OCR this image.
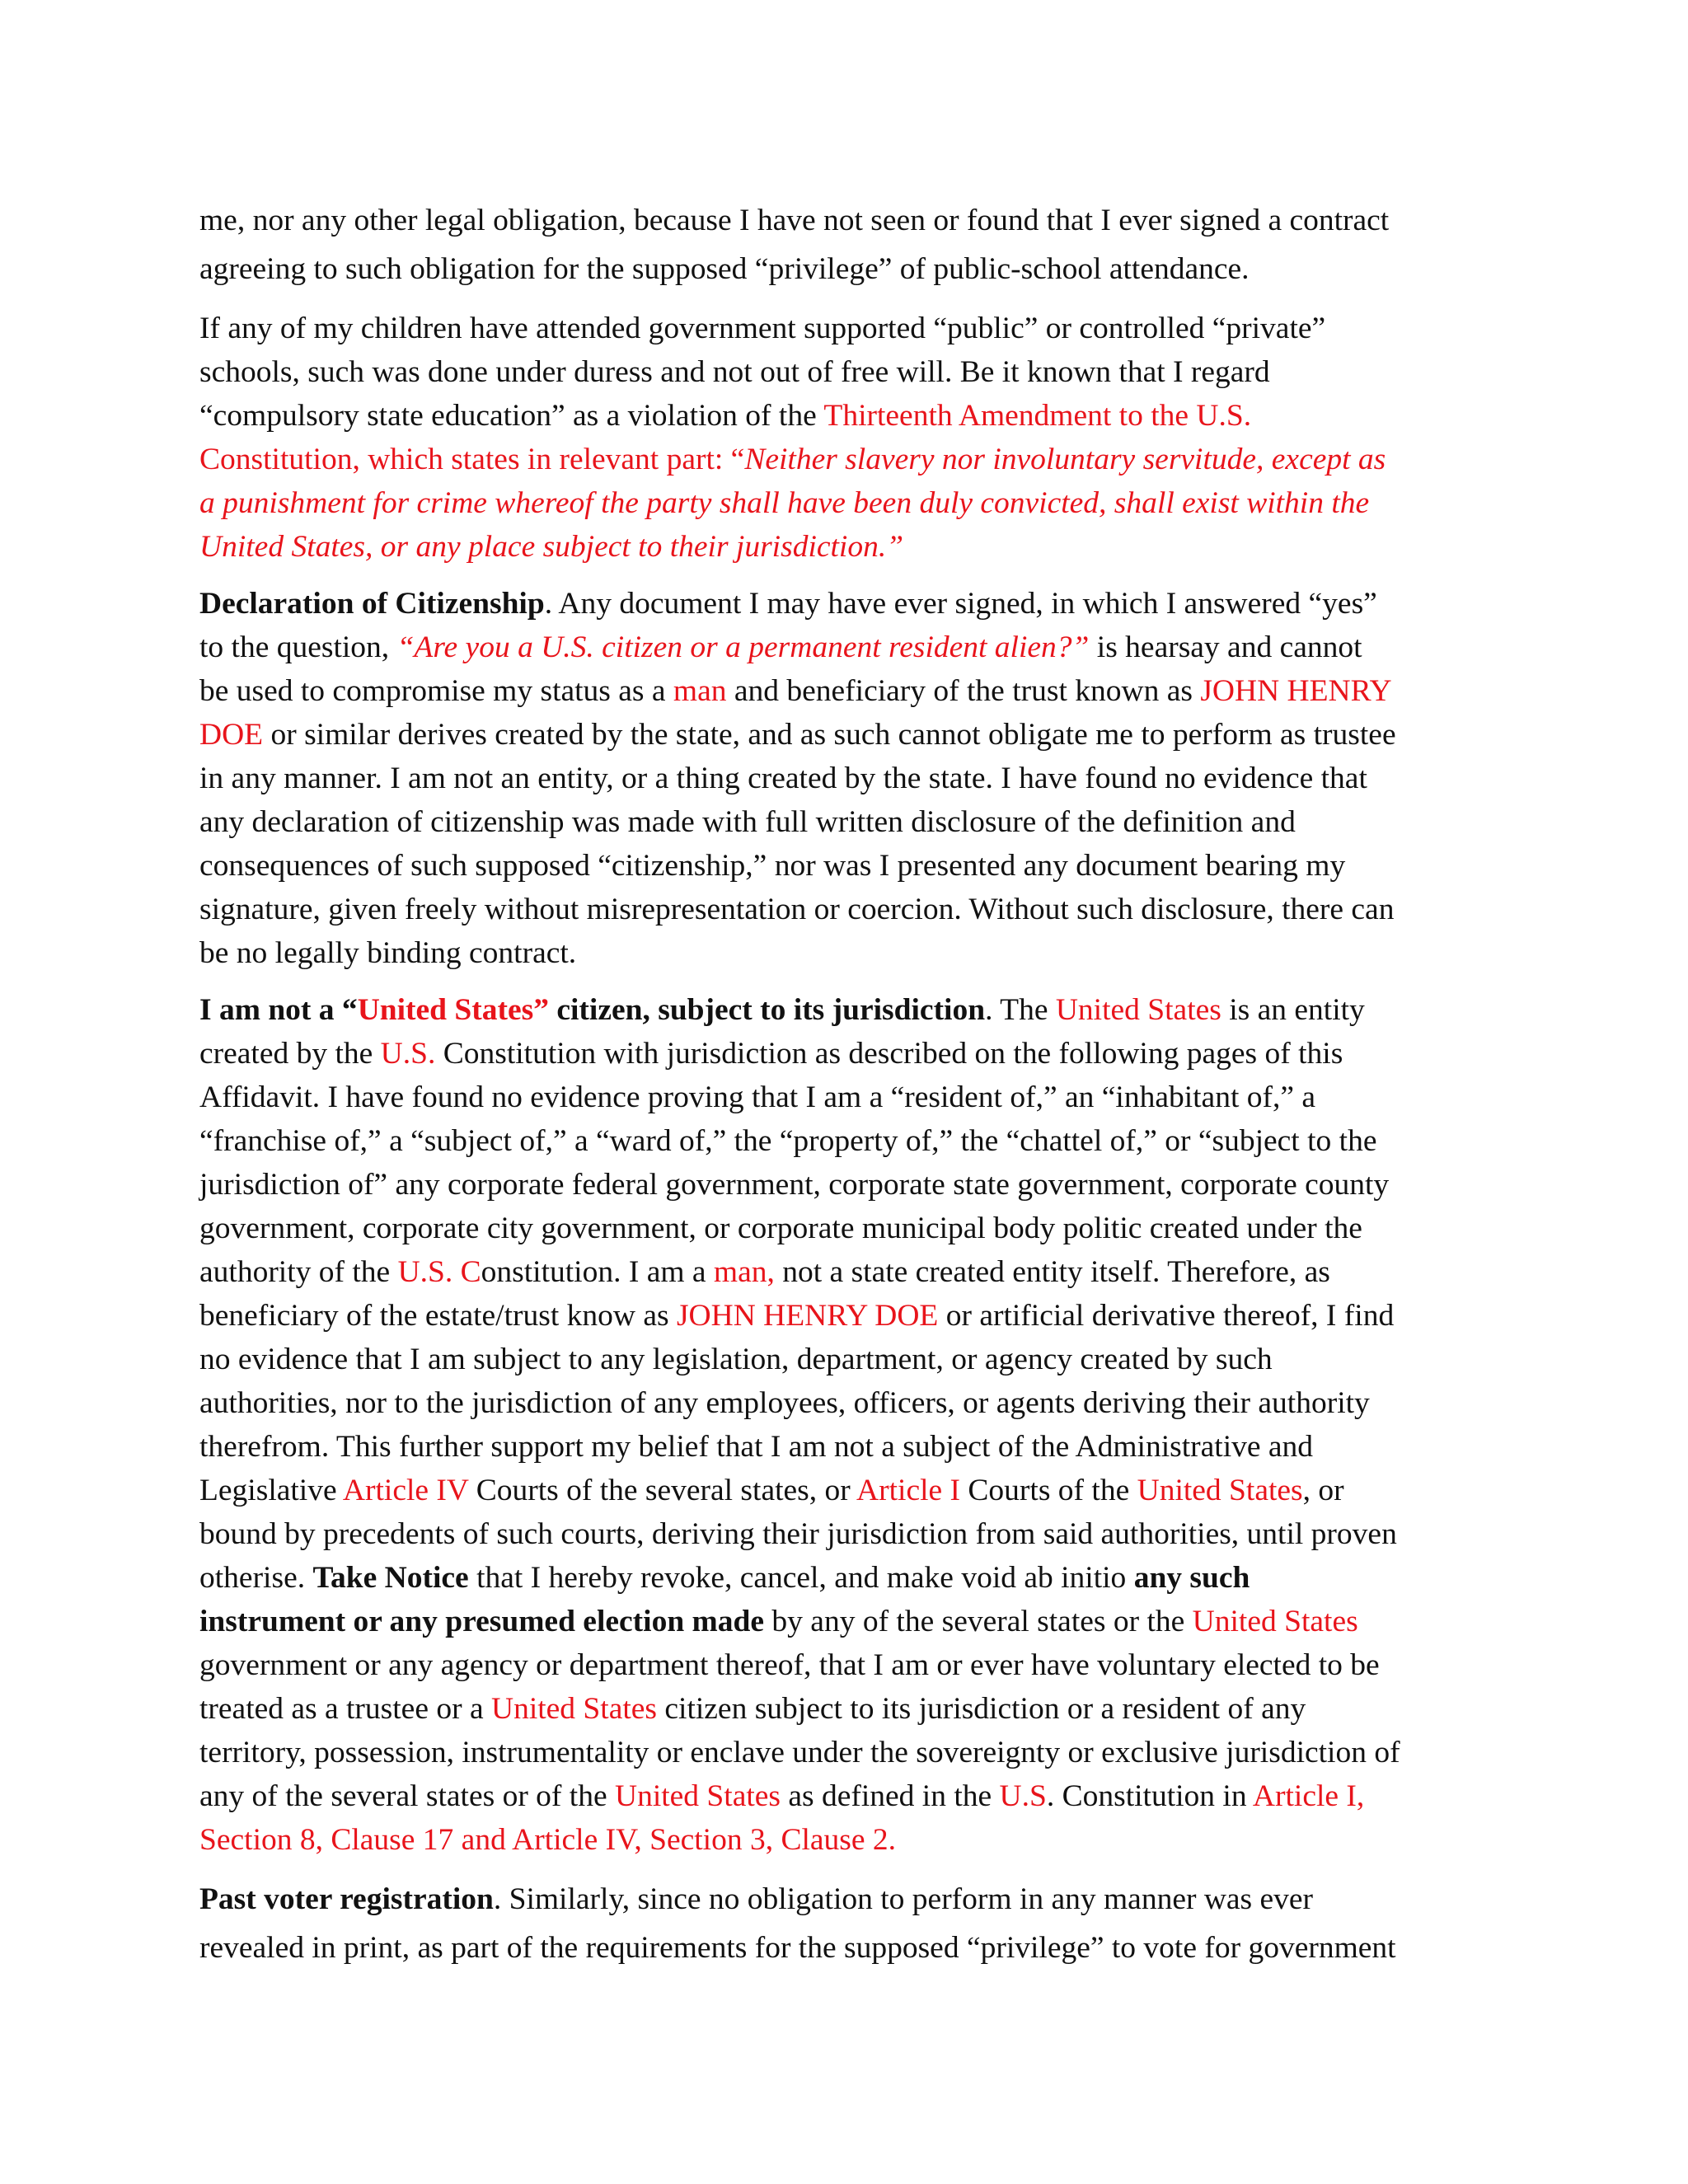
me, nor any other legal obligation, because I have not seen or found that I ever signed a contract
agreeing to such obligation for the supposed “privilege” of public-school attendance.

If any of my children have attended government supported “public” or controlled “private”
schools, such was done under duress and not out of free will. Be it known that I regard
“compulsory state education” as a violation of the Thirteenth Amendment to the U.S.
Constitution, which states in relevant part: “Neither slavery nor involuntary servitude, except as
a punishment for crime whereof the party shall have been duly convicted, shall exist within the
United States, or any place subject to their jurisdiction.”

Declaration of Citizenship. Any document I may have ever signed, in which I answered “yes”
to the question, “Are you a U.S. citizen or a permanent resident alien?” is hearsay and cannot
be used to compromise my status as a man and beneficiary of the trust known as JOHN HENRY
DOE or similar derives created by the state, and as such cannot obligate me to perform as trustee
in any manner. I am not an entity, or a thing created by the state. I have found no evidence that
any declaration of citizenship was made with full written disclosure of the definition and
consequences of such supposed “citizenship,” nor was I presented any document bearing my
signature, given freely without misrepresentation or coercion. Without such disclosure, there can
be no legally binding contract.

I am not a “United States” citizen, subject to its jurisdiction. The United States is an entity
created by the U.S. Constitution with jurisdiction as described on the following pages of this
Affidavit. I have found no evidence proving that I am a “resident of,” an “inhabitant of,” a
“franchise of,” a “subject of,” a “ward of,” the “property of,” the “chattel of,” or “subject to the
jurisdiction of” any corporate federal government, corporate state government, corporate county
government, corporate city government, or corporate municipal body politic created under the
authority of the U.S. Constitution. I am a man, not a state created entity itself. Therefore, as
beneficiary of the estate/trust know as JOHN HENRY DOE or artificial derivative thereof, I find
no evidence that I am subject to any legislation, department, or agency created by such
authorities, nor to the jurisdiction of any employees, officers, or agents deriving their authority
therefrom. This further support my belief that I am not a subject of the Administrative and
Legislative Article IV Courts of the several states, or Article I Courts of the United States, or
bound by precedents of such courts, deriving their jurisdiction from said authorities, until proven
otherise. Take Notice that I hereby revoke, cancel, and make void ab initio any such
instrument or any presumed election made by any of the several states or the United States
government or any agency or department thereof, that I am or ever have voluntary elected to be
treated as a trustee or a United States citizen subject to its jurisdiction or a resident of any
territory, possession, instrumentality or enclave under the sovereignty or exclusive jurisdiction of
any of the several states or of the United States as defined in the U.S. Constitution in Article I,
Section 8, Clause 17 and Article IV, Section 3, Clause 2.

Past voter registration. Similarly, since no obligation to perform in any manner was ever
revealed in print, as part of the requirements for the supposed “privilege” to vote for government
